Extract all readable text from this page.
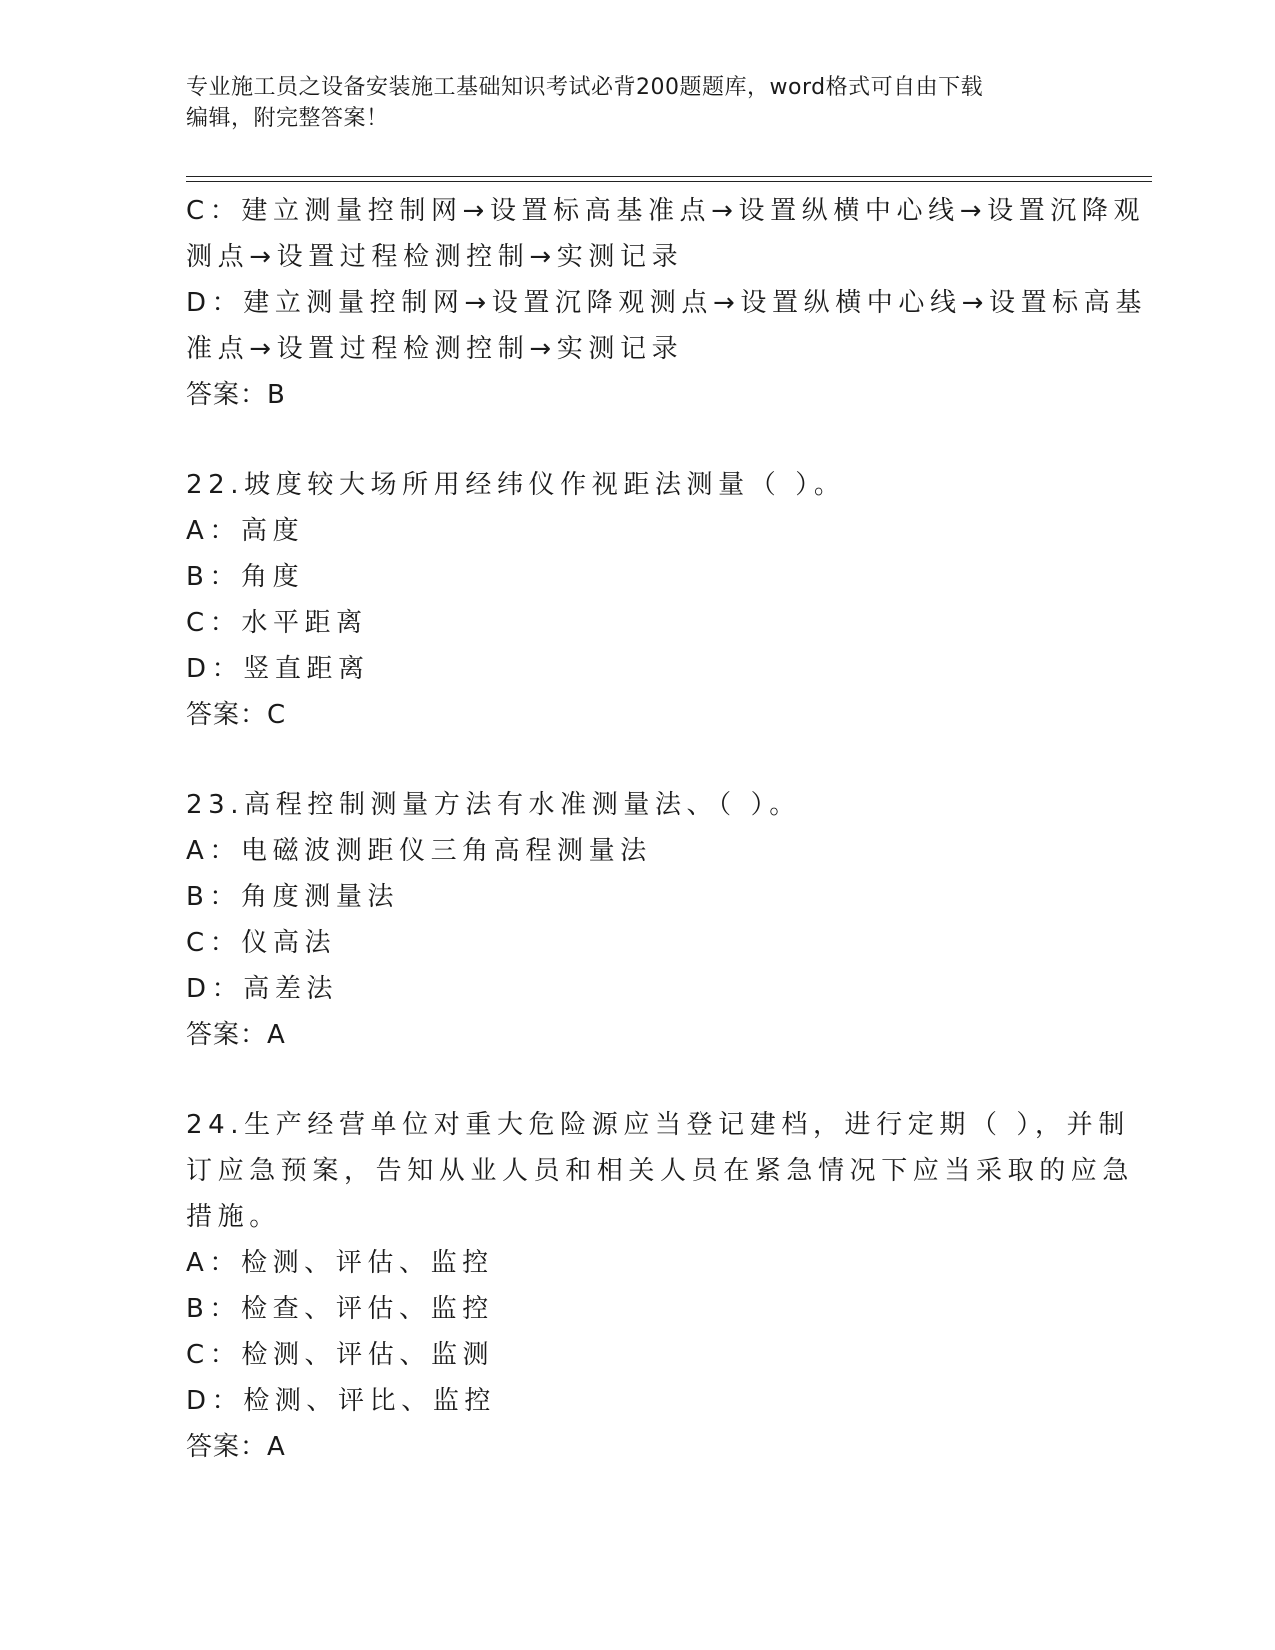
专业施工员之设备安装施工基础知识考试必背200题题库，word格式可自由下载
编辑，附完整答案！

C：建立测量控制网→设置标高基准点→设置纵横中心线→设置沉降观

测点→设置过程检测控制→实测记录

D：建立测量控制网→设置沉降观测点→设置纵横中心线→设置标高基

准点→设置过程检测控制→实测记录

答案：B

22.坡度较大场所用经纬仪作视距法测量（ ）。

A：高度

B：角度

C：水平距离

D：竖直距离

答案：C

23.高程控制测量方法有水准测量法、（ ）。

A：电磁波测距仪三角高程测量法

B：角度测量法

C：仪高法

D：高差法

答案：A

24.生产经营单位对重大危险源应当登记建档，进行定期（ ），并制

订应急预案，告知从业人员和相关人员在紧急情况下应当采取的应急

措施。

A：检测、评估、监控

B：检查、评估、监控

C：检测、评估、监测

D：检测、评比、监控

答案：A
